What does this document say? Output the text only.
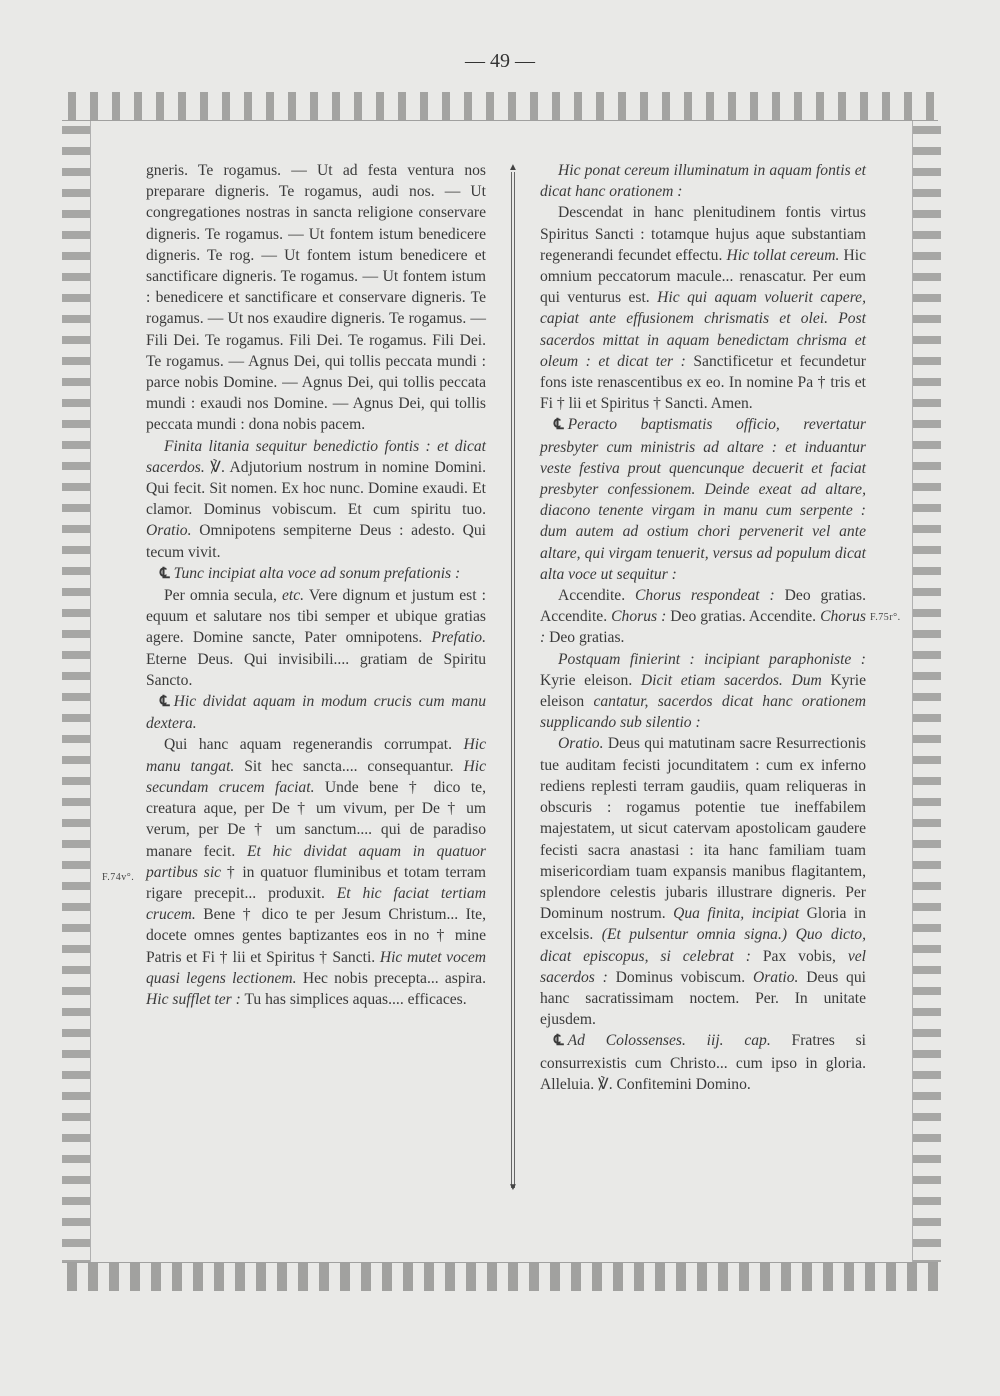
— 49 —
▲
▼
F.74v°.
F.75r°.

gneris. Te rogamus. — Ut ad festa ventura nos preparare digneris. Te rogamus, audi nos. — Ut congregationes nostras in sancta religione conservare digneris. Te rogamus. — Ut fontem istum benedicere digneris. Te rog. — Ut fontem istum benedicere et sanctificare digneris. Te rogamus. — Ut fontem istum : benedicere et sanctificare et conservare digneris. Te rogamus. — Ut nos exaudire digneris. Te rogamus. — Fili Dei. Te rogamus. Fili Dei. Te rogamus. Fili Dei. Te rogamus. — Agnus Dei, qui tollis peccata mundi : parce nobis Domine. — Agnus Dei, qui tollis peccata mundi : exaudi nos Domine. — Agnus Dei, qui tollis peccata mundi : dona nobis pacem.

Finita litania sequitur benedictio fontis : et dicat sacerdos. ℣. Adjutorium nostrum in nomine Domini. Qui fecit. Sit nomen. Ex hoc nunc. Domine exaudi. Et clamor. Dominus vobiscum. Et cum spiritu tuo. Oratio. Omnipotens sempiterne Deus : adesto. Qui tecum vivit.

℄ Tunc incipiat alta voce ad sonum prefationis :

Per omnia secula, etc. Vere dignum et justum est : equum et salutare nos tibi semper et ubique gratias agere. Domine sancte, Pater omnipotens. Prefatio. Eterne Deus. Qui invisibili.... gratiam de Spiritu Sancto.

℄ Hic dividat aquam in modum crucis cum manu dextera.

Qui hanc aquam regenerandis corrumpat. Hic manu tangat. Sit hec sancta.... consequantur. Hic secundam crucem faciat. Unde bene † dico te, creatura aque, per De † um vivum, per De † um verum, per De † um sanctum.... qui de paradiso manare fecit. Et hic dividat aquam in quatuor partibus sic † in quatuor fluminibus et totam terram rigare precepit... produxit. Et hic faciat tertiam crucem. Bene † dico te per Jesum Christum... Ite, docete omnes gentes baptizantes eos in no † mine Patris et Fi † lii et Spiritus † Sancti. Hic mutet vocem quasi legens lectionem. Hec nobis precepta... aspira. Hic sufflet ter : Tu has simplices aquas.... efficaces.

Hic ponat cereum illuminatum in aquam fontis et dicat hanc orationem :

Descendat in hanc plenitudinem fontis virtus Spiritus Sancti : totamque hujus aque substantiam regenerandi fecundet effectu. Hic tollat cereum. Hic omnium peccatorum macule... renascatur. Per eum qui venturus est. Hic qui aquam voluerit capere, capiat ante effusionem chrismatis et olei. Post sacerdos mittat in aquam benedictam chrisma et oleum : et dicat ter : Sanctificetur et fecundetur fons iste renascentibus ex eo. In nomine Pa † tris et Fi † lii et Spiritus † Sancti. Amen.

℄ Peracto baptismatis officio, revertatur presbyter cum ministris ad altare : et induantur veste festiva prout quencunque decuerit et faciat presbyter confessionem. Deinde exeat ad altare, diacono tenente virgam in manu cum serpente : dum autem ad ostium chori pervenerit vel ante altare, qui virgam tenuerit, versus ad populum dicat alta voce ut sequitur :

Accendite. Chorus respondeat : Deo gratias. Accendite. Chorus : Deo gratias. Accendite. Chorus : Deo gratias.

Postquam finierint : incipiant paraphoniste : Kyrie eleison. Dicit etiam sacerdos. Dum Kyrie eleison cantatur, sacerdos dicat hanc orationem supplicando sub silentio :

Oratio. Deus qui matutinam sacre Resurrectionis tue auditam fecisti jocunditatem : cum ex inferno rediens replesti terram gaudiis, quam reliqueras in obscuris : rogamus potentie tue ineffabilem majestatem, ut sicut catervam apostolicam gaudere fecisti sacra anastasi : ita hanc familiam tuam misericordiam tuam expansis manibus flagitantem, splendore celestis jubaris illustrare digneris. Per Dominum nostrum. Qua finita, incipiat Gloria in excelsis. (Et pulsentur omnia signa.) Quo dicto, dicat episcopus, si celebrat : Pax vobis, vel sacerdos : Dominus vobiscum. Oratio. Deus qui hanc sacratissimam noctem. Per. In unitate ejusdem.

℄ Ad Colossenses. iij. cap. Fratres si consurrexistis cum Christo... cum ipso in gloria. Alleluia. ℣. Confitemini Domino.
